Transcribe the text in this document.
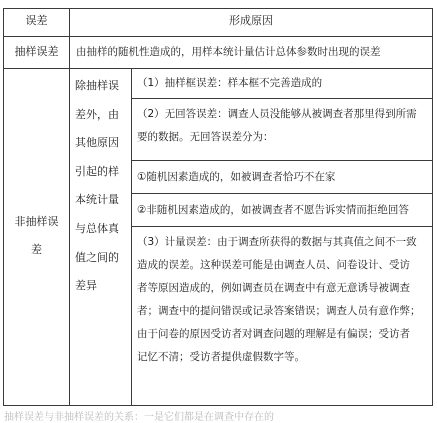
误差	形成原因
抽样误差	由抽样的随机性造成的，用样本统计量估计总体参数时出现的误差
非抽样误
差
除抽样误
差外，由
其他原因
引起的样
本统计量
与总体真
值之间的
差异
（1）抽样框误差：样本框不完善造成的
（2）无回答误差：调查人员没能够从被调查者那里得到所需
要的数据。无回答误差分为：
①随机因素造成的，如被调查者恰巧不在家
②非随机因素造成的，如被调查者不愿告诉实情而拒绝回答
（3）计量误差：由于调查所获得的数据与其真值之间不一致
造成的误差。这种误差可能是由调查人员、问卷设计、受访
者等原因造成的，例如调查员在调查中有意无意诱导被调查
者；调查中的提问错误或记录答案错误；调查人员有意作弊；
由于问卷的原因受访者对调查问题的理解是有偏误；受访者
记忆不清；受访者提供虚假数字等。
抽样误差与非抽样误差的关系：一是它们都是在调查中存在的
